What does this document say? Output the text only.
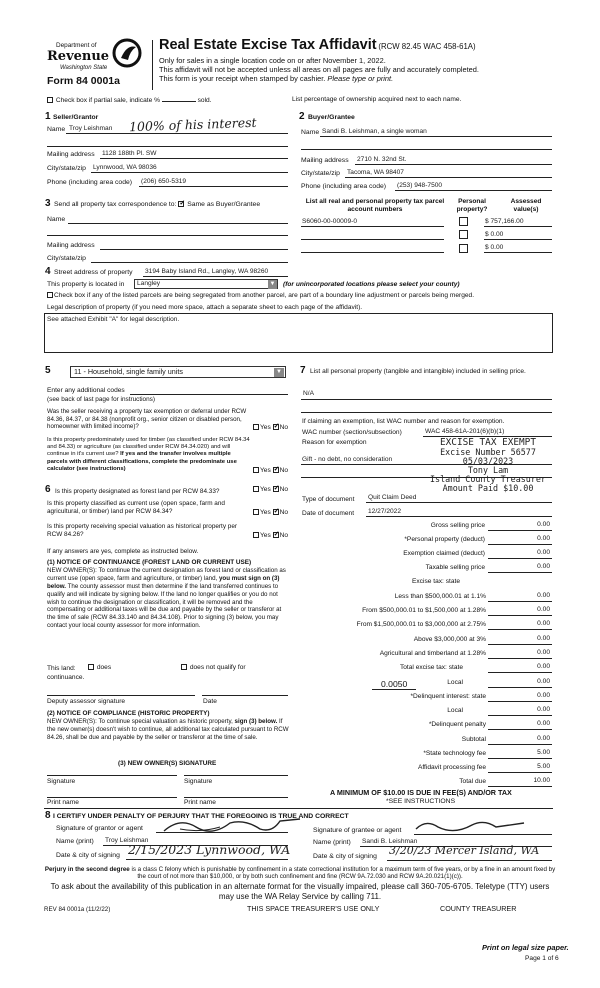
Department of
Revenue
Washington State
Form 84 0001a
Real Estate Excise Tax Affidavit (RCW 82.45 WAC 458-61A)
Only for sales in a single location code on or after November 1, 2022.
This affidavit will not be accepted unless all areas on all pages are fully and accurately completed.
This form is your receipt when stamped by cashier. Please type or print.
Check box if partial sale, indicate %	sold.	List percentage of ownership acquired next to each name.
1 Seller/Grantor
Name Troy Leishman 100% of his interest
Mailing address 1128 188th Pl. SW
City/state/zip Lynnwood, WA 98036
Phone (including area code) (206) 650-5319
2 Buyer/Grantee
Name Sandi B. Leishman, a single woman
Mailing address 2710 N. 32nd St.
City/state/zip Tacoma, WA 98407
Phone (including area code) (253) 948-7500
3 Send all property tax correspondence to: ✓ Same as Buyer/Grantee
Name
Mailing address
City/state/zip
List all real and personal property tax parcel account numbers
Personal property?
Assessed value(s)
S6060-00-00009-0	$ 757,166.00
$ 0.00
$ 0.00
4 Street address of property 3194 Baby Island Rd., Langley, WA 98260
This property is located in Langley	▼ (for unincorporated locations please select your county)
Check box if any of the listed parcels are being segregated from another parcel, are part of a boundary line adjustment or parcels being merged.
Legal description of property (if you need more space, attach a separate sheet to each page of the affidavit).
See attached Exhibit "A" for legal description.
5	11 - Household, single family units	▼
Enter any additional codes
(see back of last page for instructions)
Was the seller receiving a property tax exemption or deferral under RCW 84.36, 84.37, or 84.38 (nonprofit org., senior citizen or disabled person, homeowner with limited income)?	Yes ✓ No
Is this property predominately used for timber (as classified under RCW 84.34 and 84.33) or agriculture (as classified under RCW 84.34.020) and will continue in it's current use? If yes and the transfer involves multiple parcels with different classifications, complete the predominate use calculator (see instructions)	Yes ✓ No
6 Is this property designated as forest land per RCW 84.33?	Yes ✓ No
Is this property classified as current use (open space, farm and agricultural, or timber) land per RCW 84.34?	Yes ✓ No
Is this property receiving special valuation as historical property per RCW 84.26?	Yes ✓ No
If any answers are yes, complete as instructed below.
(1) NOTICE OF CONTINUANCE (FOREST LAND OR CURRENT USE)
NEW OWNER(S): To continue the current designation as forest land or classification as current use (open space, farm and agriculture, or timber) land, you must sign on (3) below. The county assessor must then determine if the land transferred continues to qualify and will indicate by signing below. If the land no longer qualifies or you do not wish to continue the designation or classification, it will be removed and the compensating or additional taxes will be due and payable by the seller or transferor at the time of sale (RCW 84.33.140 and 84.34.108). Prior to signing (3) below, you may contact your local county assessor for more information.
This land:	does	does not qualify for
continuance.
Deputy assessor signature	Date
(2) NOTICE OF COMPLIANCE (HISTORIC PROPERTY)
NEW OWNER(S): To continue special valuation as historic property, sign (3) below. If the new owner(s) doesn't wish to continue, all additional tax calculated pursuant to RCW 84.26, shall be due and payable by the seller or transferor at the time of sale.
(3) NEW OWNER(S) SIGNATURE
Signature	Signature
Print name	Print name
7 List all personal property (tangible and intangible) included in selling price.
N/A
If claiming an exemption, list WAC number and reason for exemption.
WAC number (section/subsection)	WAC 458-61A-201(6)(b)(1)
Reason for exemption
Gift - no debt, no consideration
EXCISE TAX EXEMPT
Excise Number 56577
05/03/2023
Tony Lam
Island County Treasurer
Amount Paid $10.00
Type of document Quit Claim Deed
Date of document 12/27/2022
Gross selling price	0.00
*Personal property (deduct)	0.00
Exemption claimed (deduct)	0.00
Taxable selling price	0.00
Excise tax: state
Less than $500,000.01 at 1.1%	0.00
From $500,000.01 to $1,500,000 at 1.28%	0.00
From $1,500,000.01 to $3,000,000 at 2.75%	0.00
Above $3,000,000 at 3%	0.00
Agricultural and timberland at 1.28%	0.00
Total excise tax: state	0.00
Local	0.00
*Delinquent interest: state	0.00
Local	0.00
*Delinquent penalty	0.00
Subtotal	0.00
*State technology fee	5.00
Affidavit processing fee	5.00
Total due	10.00
0.0050
A MINIMUM OF $10.00 IS DUE IN FEE(S) AND/OR TAX
*SEE INSTRUCTIONS
8 I CERTIFY UNDER PENALTY OF PERJURY THAT THE FOREGOING IS TRUE AND CORRECT
Signature of grantor or agent
Name (print) Troy Leishman
Date & city of signing 2/15/2023 Lynnwood, WA
Signature of grantee or agent
Name (print) Sandi B. Leishman
Date & city of signing 3/20/23 Mercer Island, WA
Perjury in the second degree is a class C felony which is punishable by confinement in a state correctional institution for a maximum term of five years, or by a fine in an amount fixed by the court of not more than $10,000, or by both such confinement and fine (RCW 9A.72.030 and RCW 9A.20.021(1)(c)).
To ask about the availability of this publication in an alternate format for the visually impaired, please call 360-705-6705. Teletype (TTY) users may use the WA Relay Service by calling 711.
REV 84 0001a (11/2/22)	THIS SPACE TREASURER'S USE ONLY	COUNTY TREASURER
Print on legal size paper.
Page 1 of 6
